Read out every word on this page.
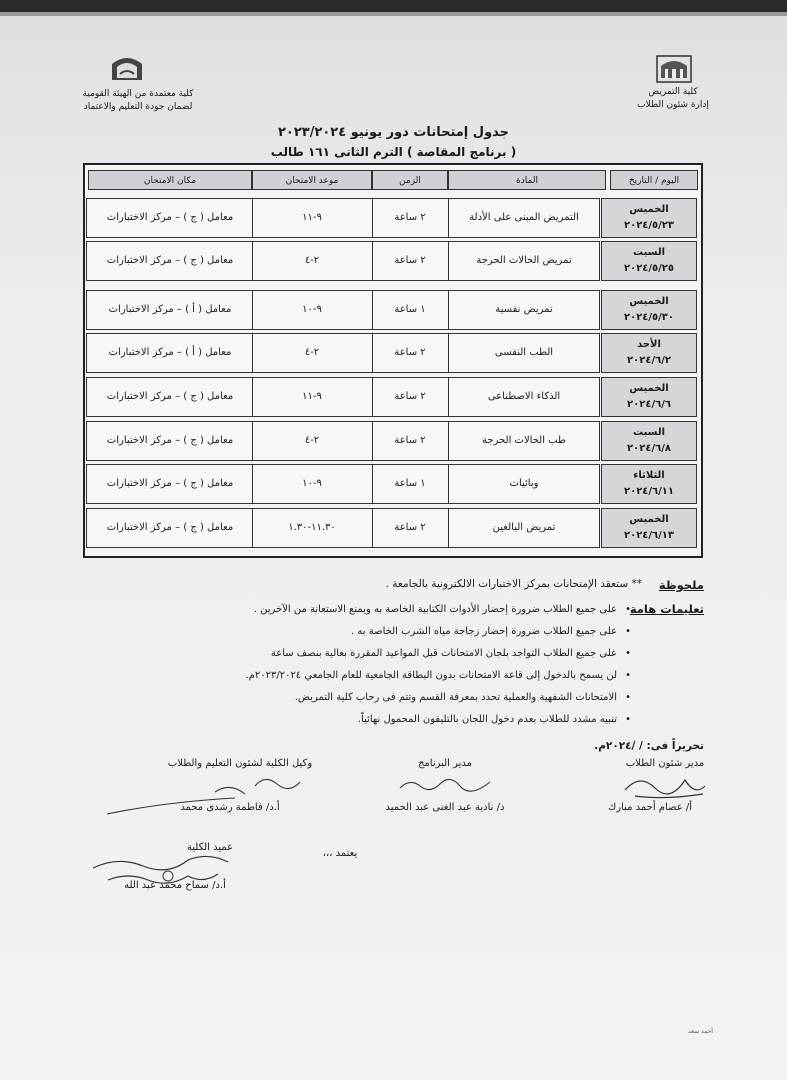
كلية التمريض
إدارة شئون الطلاب
كلية معتمدة من الهيئة القومية
لضمان جودة التعليم والاعتماد
جدول إمتحانات دور يونيو ٢٠٢٣/٢٠٢٤
( برنامج المقاصة ) الترم الثانى ١٦١ طالب
اليوم / التاريخ
المادة
الزمن
موعد الامتحان
مكان الامتحان
الخميس
٢٠٢٤/٥/٢٣
التمريض المبنى على الأدلة
٢ ساعة
٩-١١
معامل ( ج ) – مركز الاختبارات
السبت
٢٠٢٤/٥/٢٥
تمريض الحالات الحرجة
٢ ساعة
٢-٤
معامل ( ج ) – مركز الاختبارات
الخميس
٢٠٢٤/٥/٣٠
تمريض نفسية
١ ساعة
٩-١٠
معامل ( أ ) – مركز الاختبارات
الأحد
٢٠٢٤/٦/٢
الطب النفسى
٢ ساعة
٢-٤
معامل ( أ ) – مركز الاختبارات
الخميس
٢٠٢٤/٦/٦
الذكاء الاصطناعى
٢ ساعة
٩-١١
معامل ( ج ) – مركز الاختبارات
السبت
٢٠٢٤/٦/٨
طب الحالات الحرجة
٢ ساعة
٢-٤
معامل ( ج ) – مركز الاختبارات
الثلاثاء
٢٠٢٤/٦/١١
وبائيات
١ ساعة
٩-١٠
معامل ( ج ) – مركز الاختبارات
الخميس
٢٠٢٤/٦/١٣
تمريض البالغين
٢ ساعة
١١.٣٠-١.٣٠
معامل ( ج ) – مركز الاختبارات
ملحوظة
** ستعقد الإمتحانات بمركز الاختبارات الالكترونية بالجامعة .
تعليمات هامة
على جميع الطلاب ضرورة إحضار الأدوات الكتابية الخاصة به ويمنع الاستعانة من الآخرين . •
على جميع الطلاب ضرورة إحضار زجاجة مياه الشرب الخاصة به . •
على جميع الطلاب التواجد بلجان الامتحانات قبل المواعيد المقررة بعالية بنصف ساعة •
لن يسمح بالدخول إلى قاعة الامتحانات بدون البطاقة الجامعية للعام الجامعي ٢٠٢٣/٢٠٢٤م. •
الامتحانات الشفهية والعملية تحدد بمعرفة القسم وتتم فى رحاب كلية التمريض. •
تنبيه مشدد للطلاب بعدم دخول اللجان بالتليفون المحمول نهائياً. •
تحريراً فى: / /٢٠٢٤م.
مدير شئون الطلاب
أ/ عصام أحمد مبارك
مدير البرنامج
د/ نادية عبد الغنى عبد الحميد
وكيل الكلية لشئون التعليم والطلاب
أ.د/ فاطمة رشدى محمد
يعتمد ،،،
عميد الكلية
أ.د/ سماح محمد عبد الله
أحمد سعد
